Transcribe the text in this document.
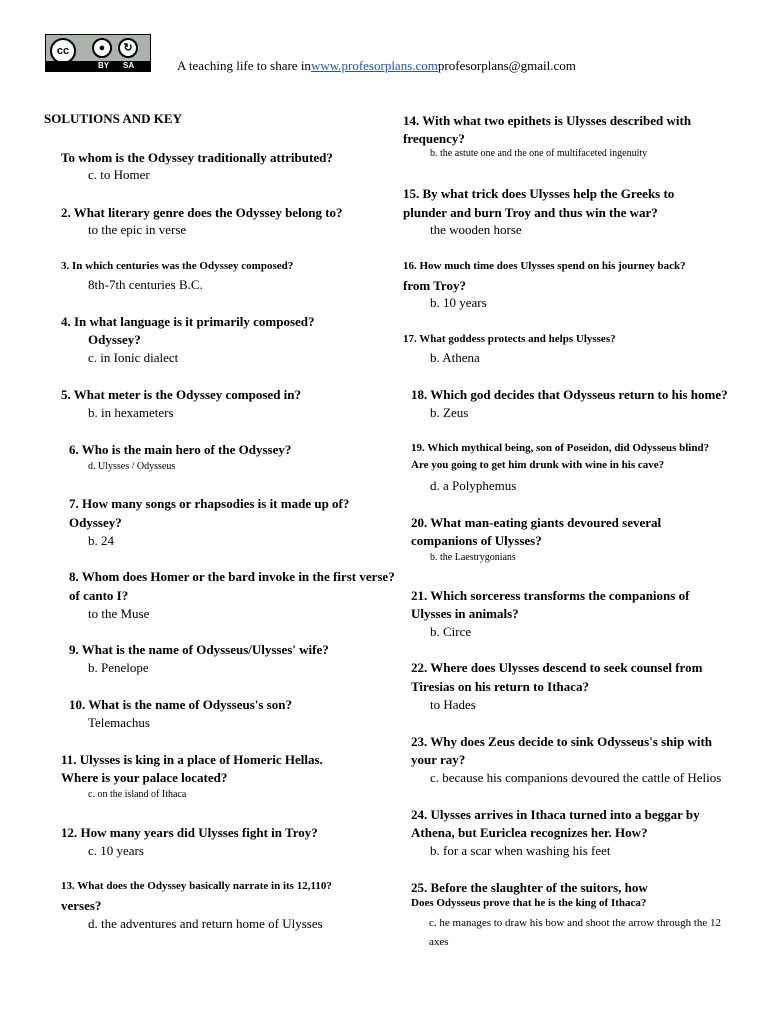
cc	●	↻
BY SA	A teaching life to share inwww.profesorplans.comprofesorplans@gmail.com
SOLUTIONS AND KEY
To whom is the Odyssey traditionally attributed?
c. to Homer
2. What literary genre does the Odyssey belong to?
to the epic in verse
3. In which centuries was the Odyssey composed?
8th-7th centuries B.C.
4. In what language is it primarily composed?
Odyssey?
c. in Ionic dialect
5. What meter is the Odyssey composed in?
b. in hexameters
6. Who is the main hero of the Odyssey?
d. Ulysses / Odysseus
7. How many songs or rhapsodies is it made up of?
Odyssey?
b. 24
8. Whom does Homer or the bard invoke in the first verse?
of canto I?
to the Muse
9. What is the name of Odysseus/Ulysses' wife?
b. Penelope
10. What is the name of Odysseus's son?
Telemachus
11. Ulysses is king in a place of Homeric Hellas.
Where is your palace located?
c. on the island of Ithaca
12. How many years did Ulysses fight in Troy?
c. 10 years
13. What does the Odyssey basically narrate in its 12,110?
verses?
d. the adventures and return home of Ulysses
14. With what two epithets is Ulysses described with
frequency?
b. the astute one and the one of multifaceted ingenuity
15. By what trick does Ulysses help the Greeks to
plunder and burn Troy and thus win the war?
the wooden horse
16. How much time does Ulysses spend on his journey back?
from Troy?
b. 10 years
17. What goddess protects and helps Ulysses?
b. Athena
18. Which god decides that Odysseus return to his home?
b. Zeus
19. Which mythical being, son of Poseidon, did Odysseus blind?
Are you going to get him drunk with wine in his cave?
d. a Polyphemus
20. What man-eating giants devoured several
companions of Ulysses?
b. the Laestrygonians
21. Which sorceress transforms the companions of
Ulysses in animals?
b. Circe
22. Where does Ulysses descend to seek counsel from
Tiresias on his return to Ithaca?
to Hades
23. Why does Zeus decide to sink Odysseus's ship with
your ray?
c. because his companions devoured the cattle of Helios
24. Ulysses arrives in Ithaca turned into a beggar by
Athena, but Euriclea recognizes her. How?
b. for a scar when washing his feet
25. Before the slaughter of the suitors, how
Does Odysseus prove that he is the king of Ithaca?
c. he manages to draw his bow and shoot the arrow through the 12
axes
